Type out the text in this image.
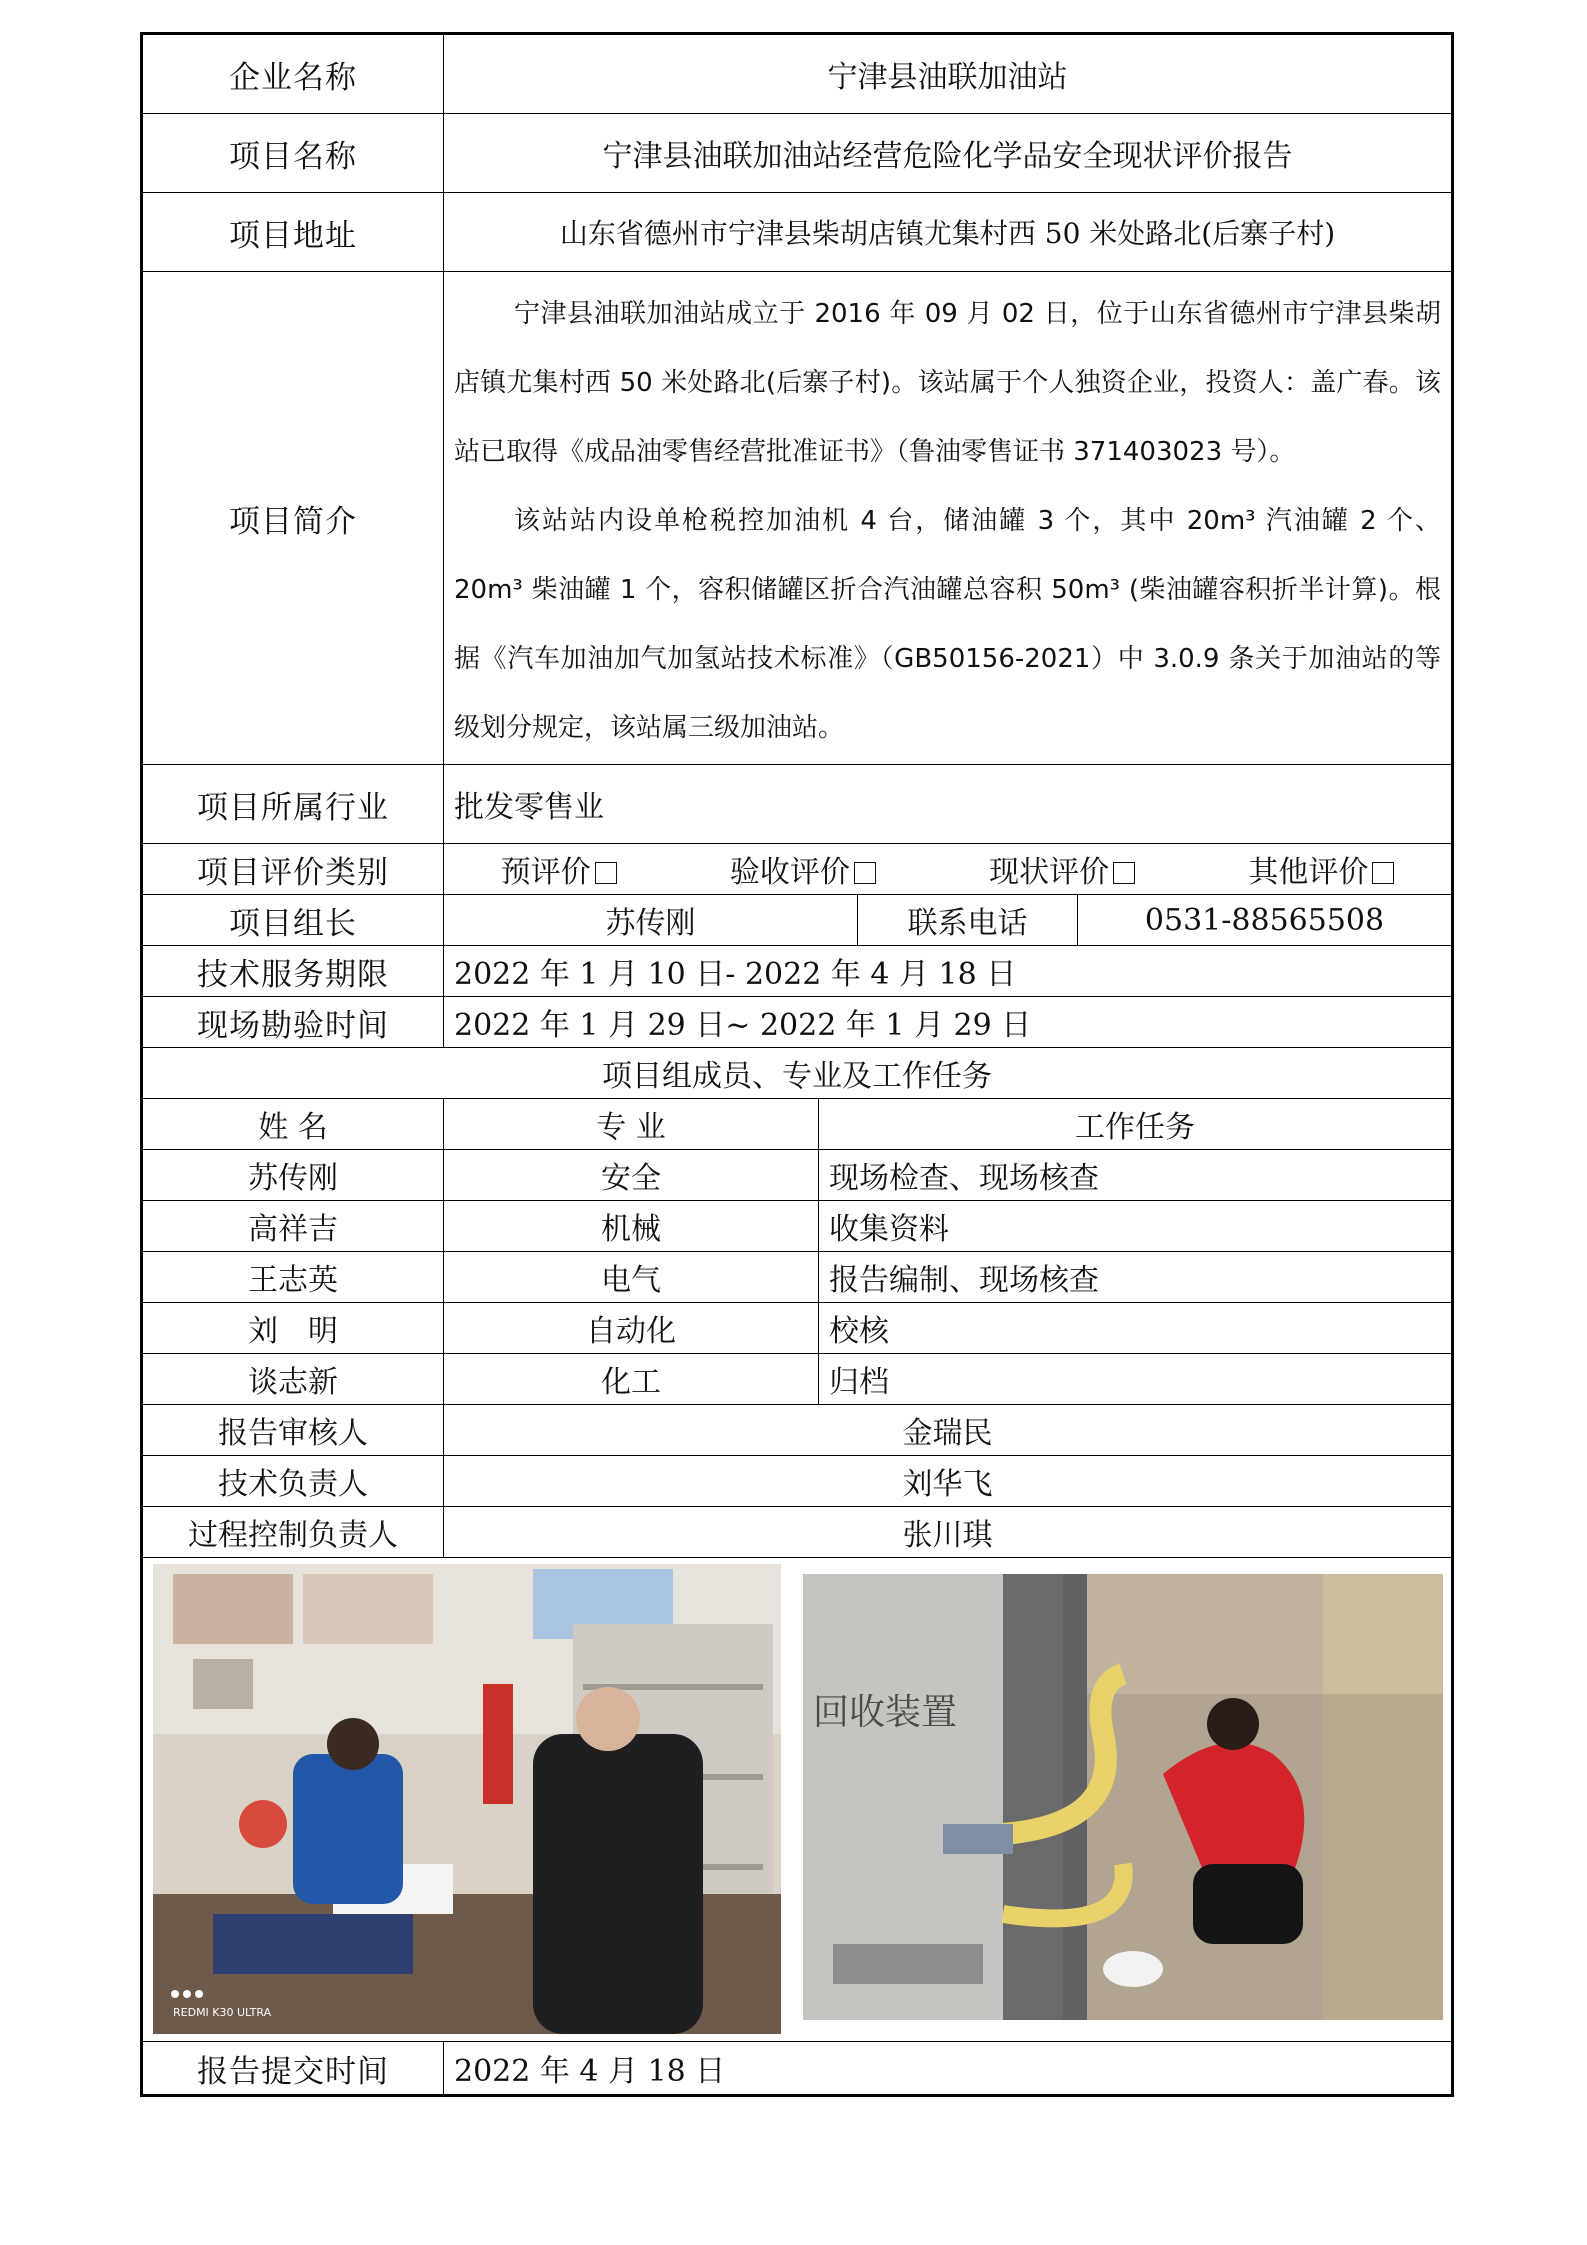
企业名称	宁津县油联加油站
项目名称	宁津县油联加油站经营危险化学品安全现状评价报告
项目地址	山东省德州市宁津县柴胡店镇尤集村西 50 米处路北(后寨子村)
项目简介

宁津县油联加油站成立于 2016 年 09 月 02 日，位于山东省德州市宁津县柴胡店镇尤集村西 50 米处路北(后寨子村)。该站属于个人独资企业，投资人：盖广春。该站已取得《成品油零售经营批准证书》（鲁油零售证书 371403023 号）。

该站站内设单枪税控加油机 4 台，储油罐 3 个，其中 20m³ 汽油罐 2 个、20m³ 柴油罐 1 个，容积储罐区折合汽油罐总容积 50m³ (柴油罐容积折半计算)。根据《汽车加油加气加氢站技术标准》（GB50156-2021）中 3.0.9 条关于加油站的等级划分规定，该站属三级加油站。

项目所属行业	批发零售业
项目评价类别	预评价	验收评价	现状评价	其他评价
项目组长	苏传刚	联系电话	0531-88565508
技术服务期限	2022 年 1 月 10 日- 2022 年 4 月 18 日
现场勘验时间	2022 年 1 月 29 日~ 2022 年 1 月 29 日
项目组成员、专业及工作任务
姓 名	专 业	工作任务
苏传刚	安全	现场检查、现场核查
高祥吉	机械	收集资料
王志英	电气	报告编制、现场核查
刘　明	自动化	校核
谈志新	化工	归档
报告审核人	金瑞民
技术负责人	刘华飞
过程控制负责人	张川琪
REDMI K30 ULTRA
回收装置
报告提交时间	2022 年 4 月 18 日
